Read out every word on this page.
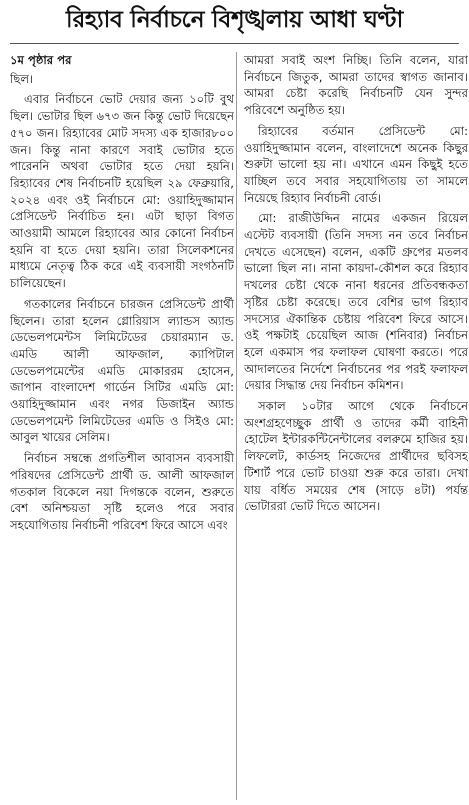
রিহ্যাব নির্বাচনে বিশৃঙ্খলায় আধা ঘণ্টা
১ম পৃষ্ঠার পর

ছিল।

এবার নির্বাচনে ভোট দেয়ার জন্য ১০টি বুথ ছিল। ভোটার ছিল ৬৭৩ জন কিন্তু ভোট দিয়েছেন ৫৭০ জন। রিহ্যাবের মোট সদস্য এক হাজার৮০০ জন। কিন্তু নানা কারণে সবাই ভোটার হতে পারেননি অথবা ভোটার হতে দেয়া হয়নি। রিহ্যাবের শেষ নির্বাচনটি হয়েছিল ২৯ ফেব্রুয়ারি, ২০২৪ এবং ওই নির্বাচনে মো: ওয়াহিদুজ্জামান প্রেসিডেন্ট নির্বাচিত হন। এটা ছাড়া বিগত আওয়ামী আমলে রিহ্যাবের আর কোনো নির্বাচন হয়নি বা হতে দেয়া হয়নি। তারা সিলেকশনের মাধ্যমে নেতৃত্ব ঠিক করে এই ব্যবসায়ী সংগঠনটি চালিয়েছেন।

গতকালের নির্বাচনে চারজন প্রেসিডেন্ট প্রার্থী ছিলেন। তারা হলেন গ্লোরিয়াস ল্যান্ডস অ্যান্ড ডেভেলপমেন্টস লিমিটেডের চেয়ারম্যান ড. এমডি আলী আফজাল, ক্যাপিটাল ডেভেলপমেন্টের এমডি মোকাররম হোসেন, জাপান বাংলাদেশ গার্ডেন সিটির এমডি মো: ওয়াহিদুজ্জামান এবং নগর ডিজাইন অ্যান্ড ডেভেলপমেন্ট লিমিটেডের এমডি ও সিইও মো: আবুল খায়ের সেলিম।

নির্বাচন সম্বন্ধে প্রগতিশীল আবাসন ব্যবসায়ী পরিষদের প্রেসিডেন্ট প্রার্থী ড. আলী আফজাল গতকাল বিকেলে নয়া দিগন্তকে বলেন, শুরুতে বেশ অনিশ্চয়তা সৃষ্টি হলেও পরে সবার সহযোগিতায় নির্বাচনী পরিবেশ ফিরে আসে এবং

আমরা সবাই অংশ নিচ্ছি। তিনি বলেন, যারা নির্বাচনে জিতুক, আমরা তাদের স্বাগত জানাব। আমরা চেষ্টা করেছি নির্বাচনটি যেন সুন্দর পরিবেশে অনুষ্ঠিত হয়।

রিহ্যাবের বর্তমান প্রেসিডেন্ট মো: ওয়াহিদুজ্জামান বলেন, বাংলাদেশে অনেক কিছুর শুরুটা ভালো হয় না। এখানে এমন কিছুই হতে যাচ্ছিল তবে সবার সহযোগিতায় তা সামলে নিয়েছে রিহ্যাব নির্বাচনী বোর্ড।

মো: রাজীউদ্দিন নামের একজন রিয়েল এস্টেট ব্যবসায়ী (তিনি সদস্য নন তবে নির্বাচন দেখতে এসেছেন) বলেন, একটি গ্রুপের মতলব ভালো ছিল না। নানা কায়দা-কৌশল করে রিহ্যাব দখলের চেষ্টা থেকে নানা ধরনের প্রতিবন্ধকতা সৃষ্টির চেষ্টা করেছে। তবে বেশির ভাগ রিহ্যাব সদস্যের ঐকান্তিক চেষ্টায় পরিবেশ ফিরে আসে। ওই পক্ষটাই চেয়েছিল আজ (শনিবার) নির্বাচন হলে একমাস পর ফলাফল ঘোষণা করতে। পরে আদালতের নির্দেশে নির্বাচনের পর পরই ফলাফল দেয়ার সিদ্ধান্ত দেয় নির্বাচন কমিশন।

সকাল ১০টার আগে থেকে নির্বাচনে অংশগ্রহণেচ্ছুক প্রার্থী ও তাদের কর্মী বাহিনী হোটেল ইন্টারকন্টিনেন্টালের বলরুমে হাজির হয়। লিফলেট, কার্ডসহ নিজেদের প্রার্থীদের ছবিসহ টিশার্ট পরে ভোট চাওয়া শুরু করে তারা। দেখা যায় বর্ধিত সময়ের শেষ (সাড়ে ৪টা) পর্যন্ত ভোটাররা ভোট দিতে আসেন।
